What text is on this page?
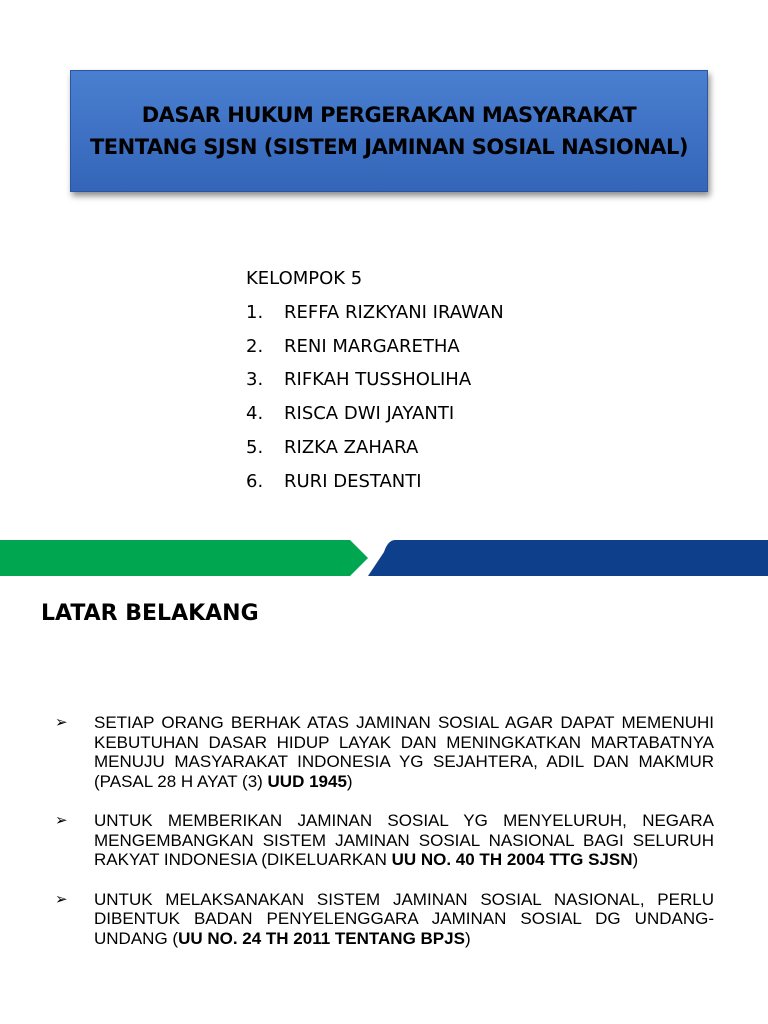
DASAR HUKUM PERGERAKAN MASYARAKAT
TENTANG SJSN (SISTEM JAMINAN SOSIAL NASIONAL)
KELOMPOK 5
1. REFFA RIZKYANI IRAWAN
2. RENI MARGARETHA
3. RIFKAH TUSSHOLIHA
4. RISCA DWI JAYANTI
5. RIZKA ZAHARA
6. RURI DESTANTI
LATAR BELAKANG
➢	SETIAP ORANG BERHAK ATAS JAMINAN SOSIAL AGAR DAPAT MEMENUHI KEBUTUHAN DASAR HIDUP LAYAK DAN MENINGKATKAN MARTABATNYA MENUJU MASYARAKAT INDONESIA YG SEJAHTERA, ADIL DAN MAKMUR (PASAL 28 H AYAT (3) UUD 1945)
➢	UNTUK MEMBERIKAN JAMINAN SOSIAL YG MENYELURUH, NEGARA MENGEMBANGKAN SISTEM JAMINAN SOSIAL NASIONAL BAGI SELURUH RAKYAT INDONESIA (DIKELUARKAN UU NO. 40 TH 2004 TTG SJSN)
➢	UNTUK MELAKSANAKAN SISTEM JAMINAN SOSIAL NASIONAL, PERLU DIBENTUK BADAN PENYELENGGARA JAMINAN SOSIAL DG UNDANG-UNDANG (UU NO. 24 TH 2011 TENTANG BPJS)
